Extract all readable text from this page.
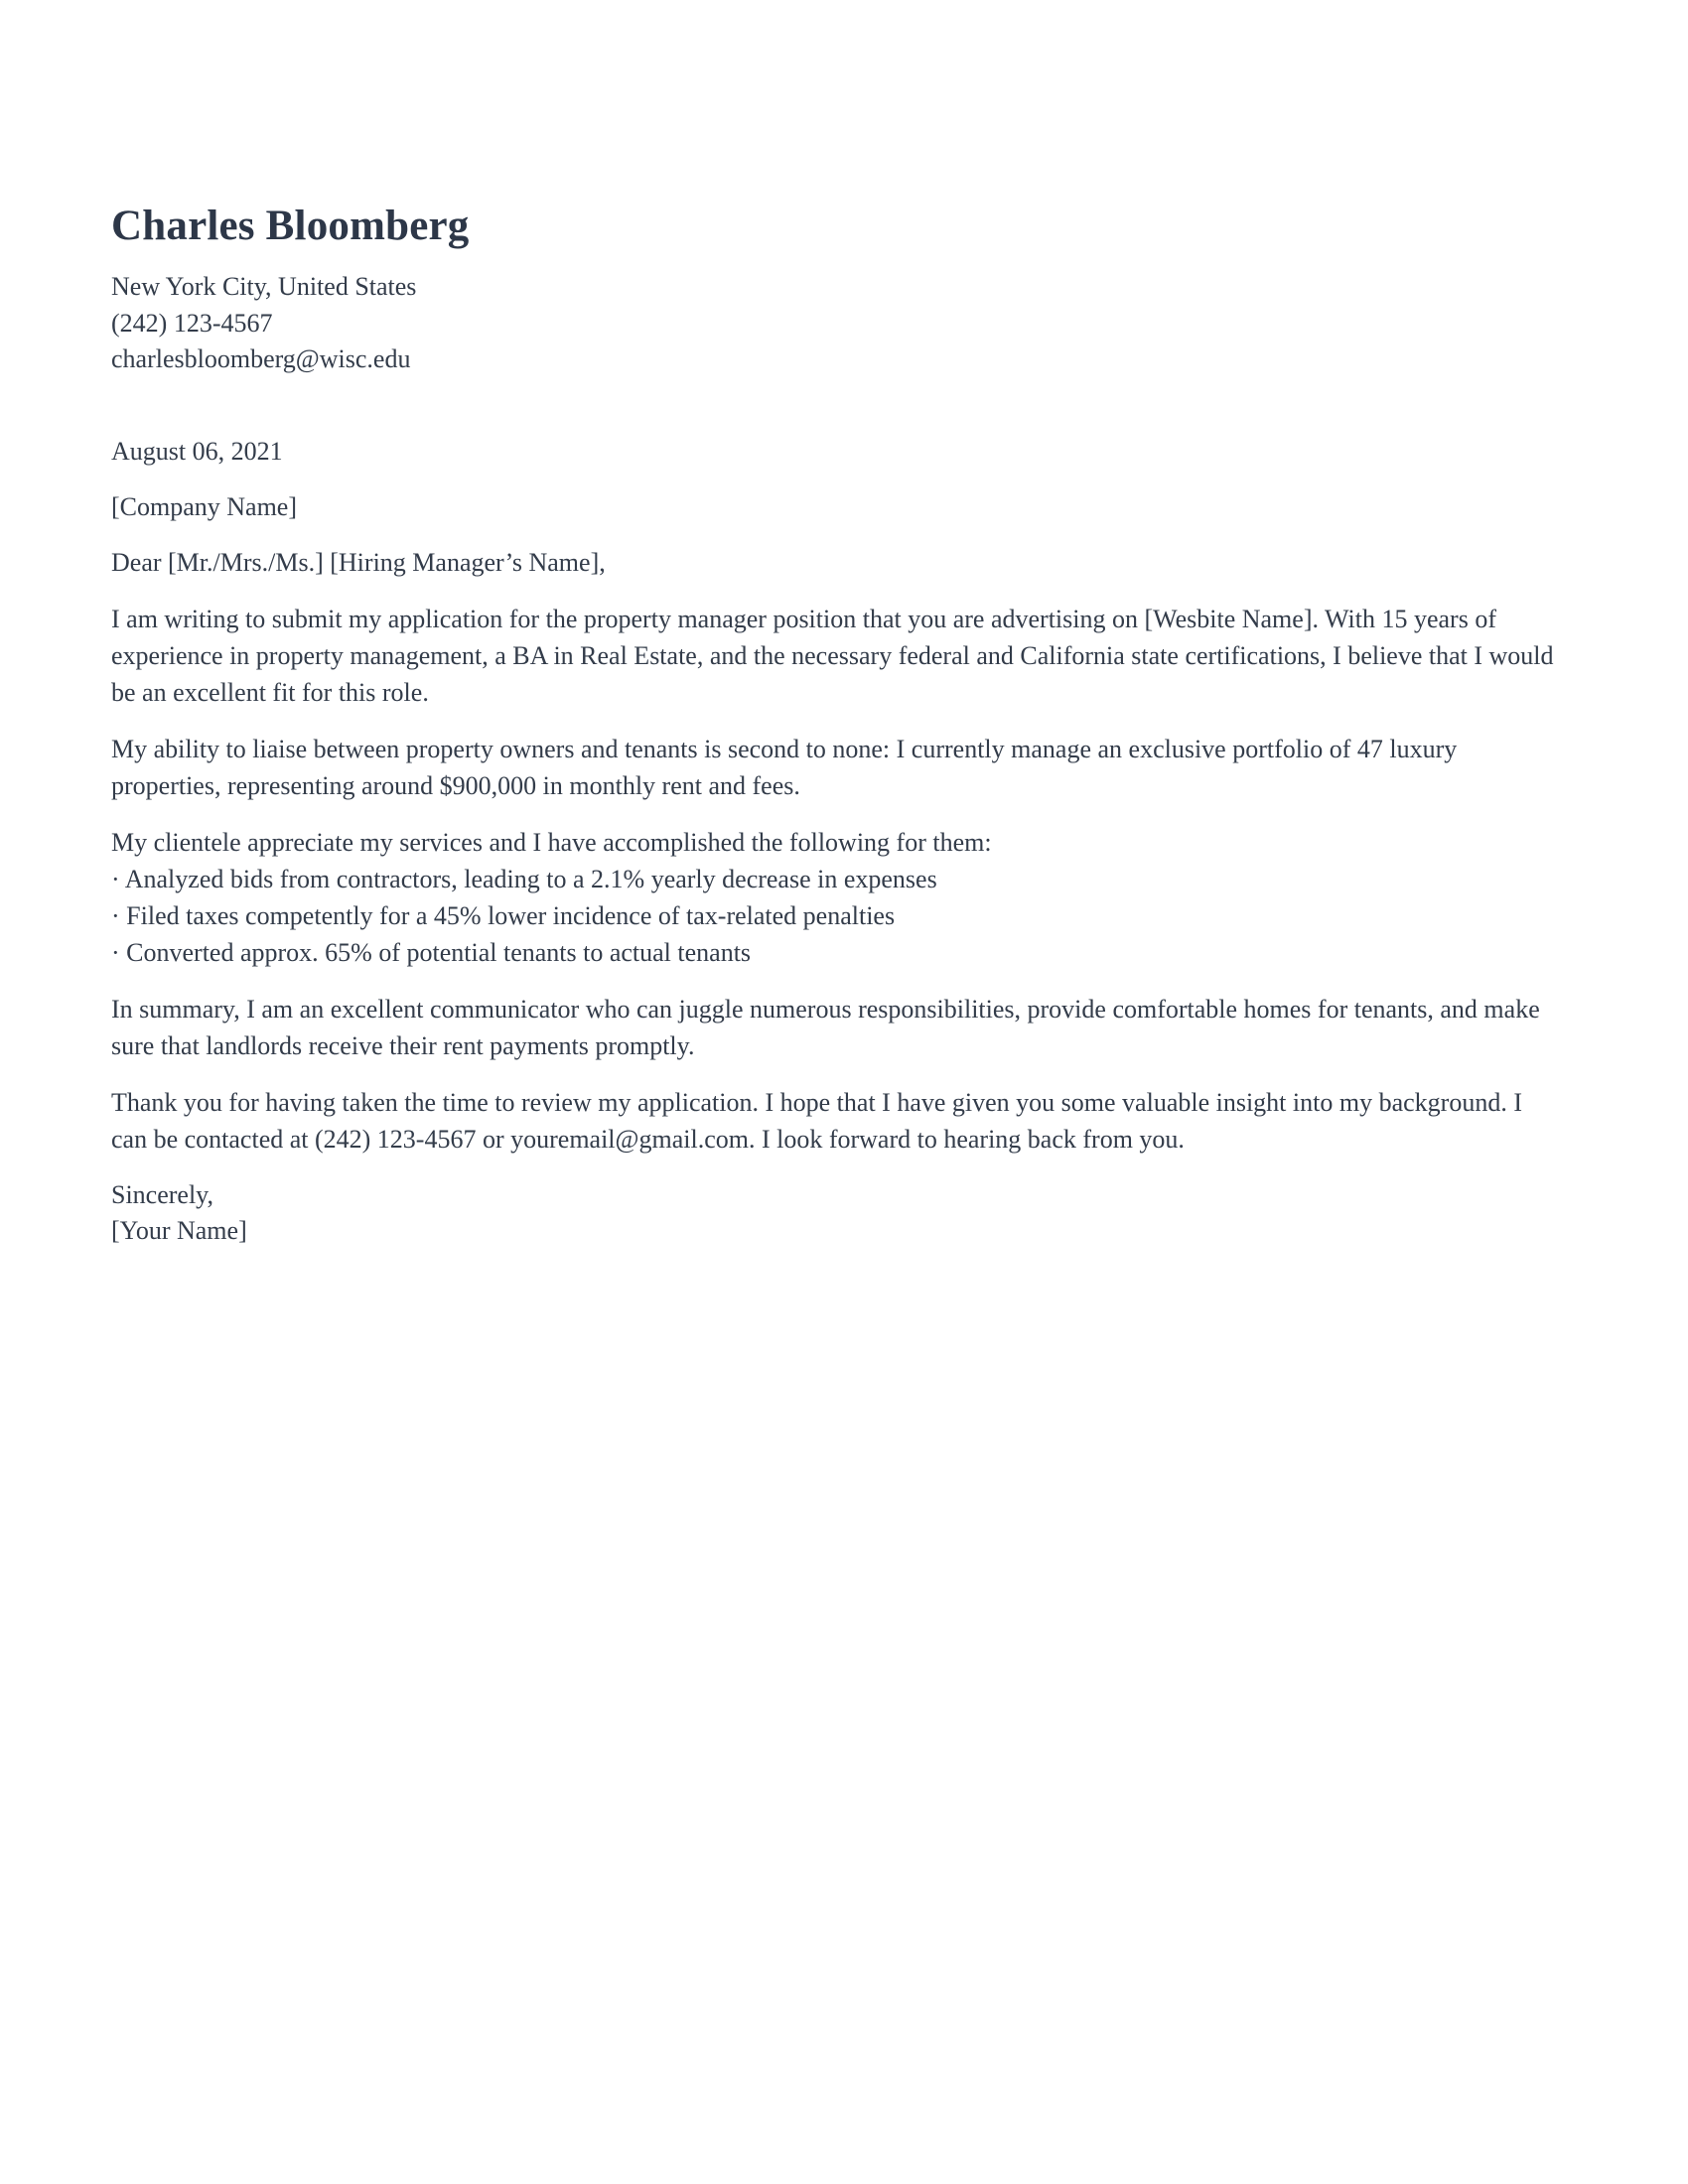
Charles Bloomberg

New York City, United States

(242) 123-4567

charlesbloomberg@wisc.edu

August 06, 2021

[Company Name]

Dear [Mr./Mrs./Ms.] [Hiring Manager’s Name],

I am writing to submit my application for the property manager position that you are advertising on [Wesbite Name]. With 15 years of experience in property management, a BA in Real Estate, and the necessary federal and California state certifications, I believe that I would be an excellent fit for this role.

My ability to liaise between property owners and tenants is second to none: I currently manage an exclusive portfolio of 47 luxury properties, representing around $900,000 in monthly rent and fees.

My clientele appreciate my services and I have accomplished the following for them:

· Analyzed bids from contractors, leading to a 2.1% yearly decrease in expenses
· Filed taxes competently for a 45% lower incidence of tax-related penalties
· Converted approx. 65% of potential tenants to actual tenants

In summary, I am an excellent communicator who can juggle numerous responsibilities, provide comfortable homes for tenants, and make sure that landlords receive their rent payments promptly.

Thank you for having taken the time to review my application. I hope that I have given you some valuable insight into my background. I can be contacted at (242) 123-4567 or youremail@gmail.com. I look forward to hearing back from you.

Sincerely,

[Your Name]
